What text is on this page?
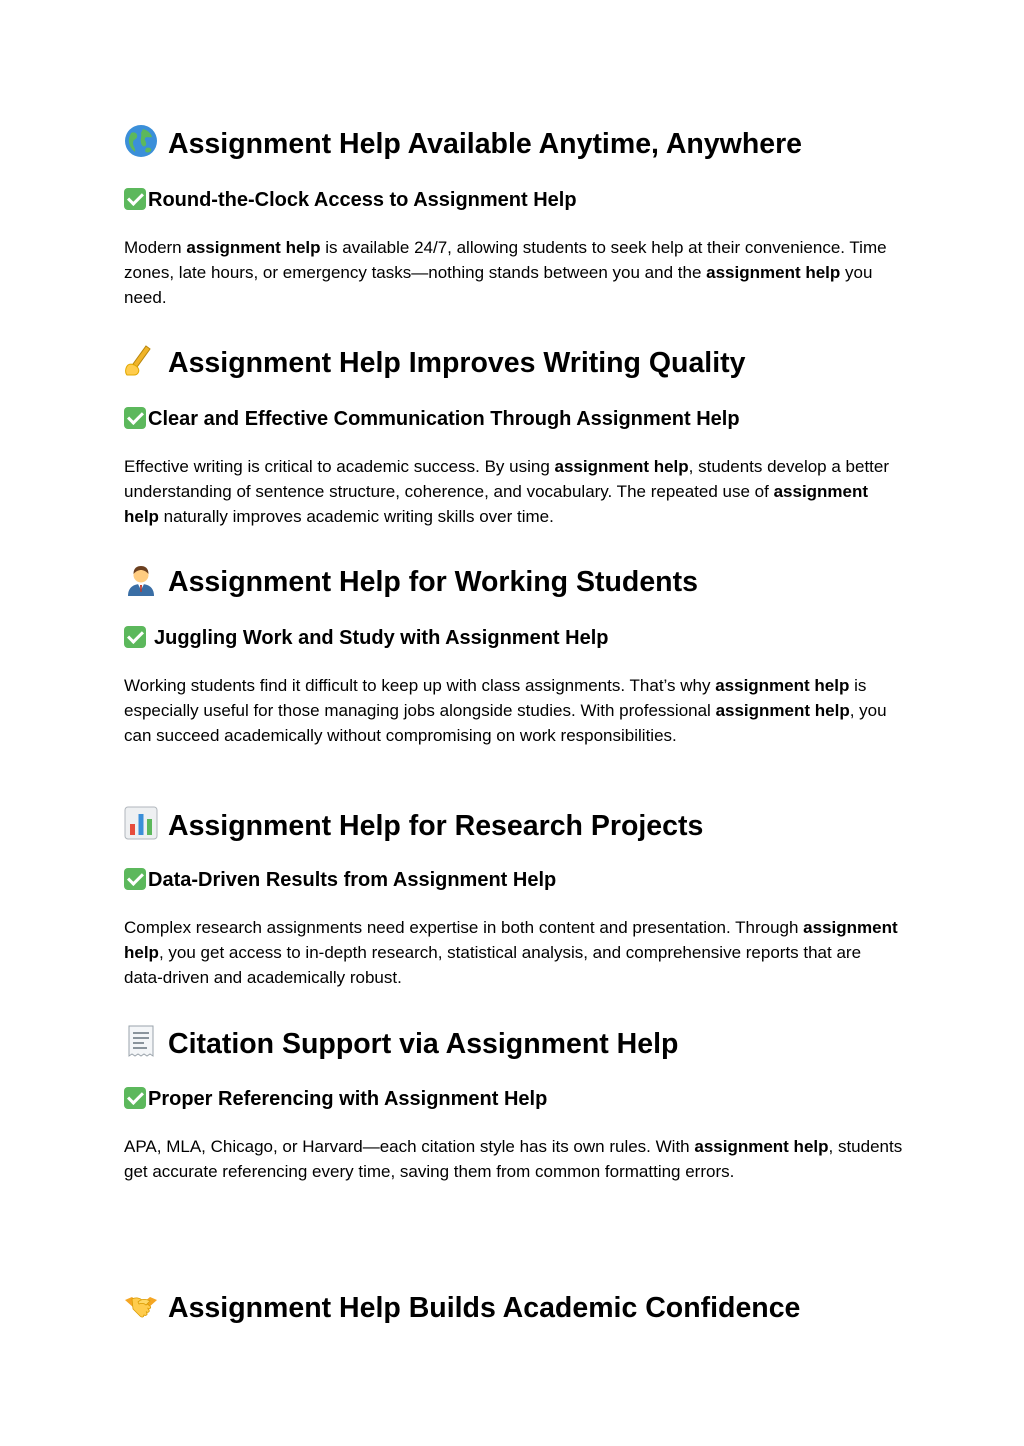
Assignment Help Available Anytime, Anywhere
Round-the-Clock Access to Assignment Help

Modern assignment help is available 24/7, allowing students to seek help at their convenience. Time zones, late hours, or emergency tasks—nothing stands between you and the assignment help you need.

Assignment Help Improves Writing Quality
Clear and Effective Communication Through Assignment Help

Effective writing is critical to academic success. By using assignment help, students develop a better understanding of sentence structure, coherence, and vocabulary. The repeated use of assignment help naturally improves academic writing skills over time.

Assignment Help for Working Students
Juggling Work and Study with Assignment Help

Working students find it difficult to keep up with class assignments. That’s why assignment help is especially useful for those managing jobs alongside studies. With professional assignment help, you can succeed academically without compromising on work responsibilities.

Assignment Help for Research Projects
Data-Driven Results from Assignment Help

Complex research assignments need expertise in both content and presentation. Through assignment help, you get access to in-depth research, statistical analysis, and comprehensive reports that are data-driven and academically robust.

Citation Support via Assignment Help
Proper Referencing with Assignment Help

APA, MLA, Chicago, or Harvard—each citation style has its own rules. With assignment help, students get accurate referencing every time, saving them from common formatting errors.

Assignment Help Builds Academic Confidence
